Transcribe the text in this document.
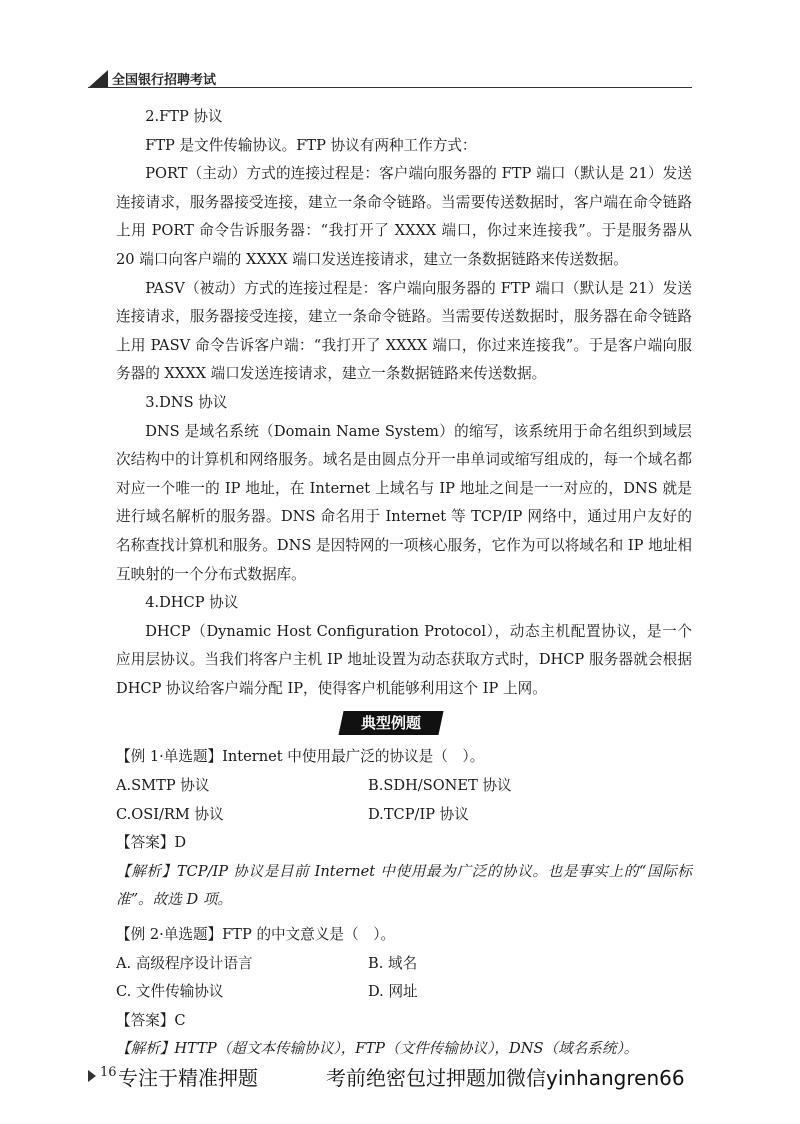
全国银行招聘考试

2.FTP 协议

FTP 是文件传输协议。FTP 协议有两种工作方式：

PORT（主动）方式的连接过程是：客户端向服务器的 FTP 端口（默认是 21）发送连接请求，服务器接受连接，建立一条命令链路。当需要传送数据时，客户端在命令链路上用 PORT 命令告诉服务器：“我打开了 XXXX 端口，你过来连接我”。于是服务器从 20 端口向客户端的 XXXX 端口发送连接请求，建立一条数据链路来传送数据。

PASV（被动）方式的连接过程是：客户端向服务器的 FTP 端口（默认是 21）发送连接请求，服务器接受连接，建立一条命令链路。当需要传送数据时，服务器在命令链路上用 PASV 命令告诉客户端：“我打开了 XXXX 端口，你过来连接我”。于是客户端向服务器的 XXXX 端口发送连接请求，建立一条数据链路来传送数据。

3.DNS 协议

DNS 是域名系统（Domain Name System）的缩写，该系统用于命名组织到域层次结构中的计算机和网络服务。域名是由圆点分开一串单词或缩写组成的，每一个域名都对应一个唯一的 IP 地址，在 Internet 上域名与 IP 地址之间是一一对应的，DNS 就是进行域名解析的服务器。DNS 命名用于 Internet 等 TCP/IP 网络中，通过用户友好的名称查找计算机和服务。DNS 是因特网的一项核心服务，它作为可以将域名和 IP 地址相互映射的一个分布式数据库。

4.DHCP 协议

DHCP（Dynamic Host Configuration Protocol），动态主机配置协议，是一个应用层协议。当我们将客户主机 IP 地址设置为动态获取方式时，DHCP 服务器就会根据 DHCP 协议给客户端分配 IP，使得客户机能够利用这个 IP 上网。

典型例题

【例 1·单选题】Internet 中使用最广泛的协议是（　）。

A.SMTP 协议	B.SDH/SONET 协议
C.OSI/RM 协议	D.TCP/IP 协议

【答案】D

【解析】TCP/IP 协议是目前 Internet 中使用最为广泛的协议。也是事实上的“国际标准”。故选 D 项。

【例 2·单选题】FTP 的中文意义是（　）。

A. 高级程序设计语言	B. 域名
C. 文件传输协议	D. 网址

【答案】C

【解析】HTTP（超文本传输协议），FTP（文件传输协议），DNS（域名系统）。

16 专注于精准押题	考前绝密包过押题加微信yinhangren66
